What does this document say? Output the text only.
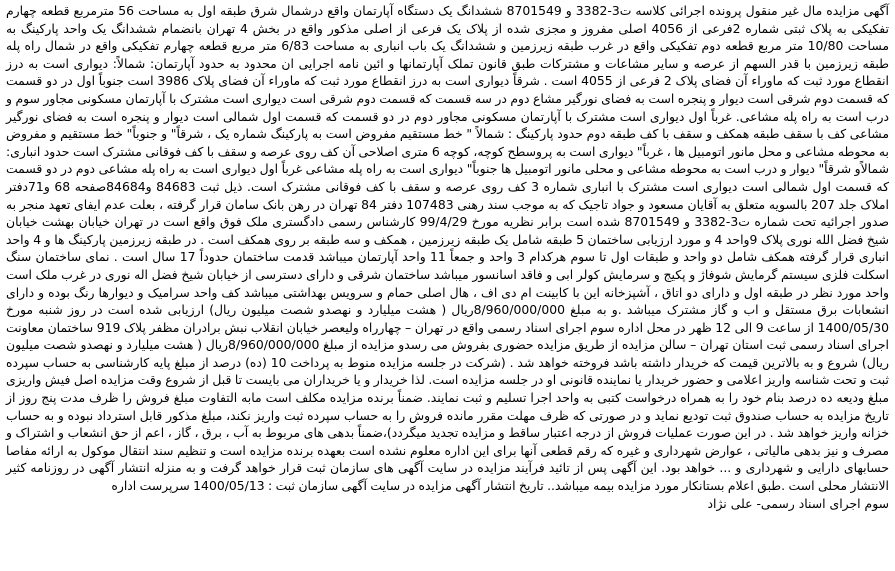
آگهی مزایده مال غیر منقول پرونده اجرائی کلاسه ت3-3382 و 8701549 ششدانگ یک دستگاه آپارتمان واقع درشمال شرق طبقه اول به مساحت 56 مترمربع قطعه چهارم تفکیکی به پلاک ثبتی شماره 2فرعی از 4056 اصلی مفروز و مجزی شده از پلاک یک فرعی از اصلی مذکور واقع در بخش 4 تهران بانضمام ششدانگ یک واحد پارکینگ به مساحت 10/80 متر مربع قطعه دوم تفکیکی واقع در غرب طبقه زیرزمین و ششدانگ یک باب انباری به مساحت 6/83 متر مربع قطعه چهارم تفکیکی واقع در شمال راه پله طبقه زیرزمین با قدر السهم از عرصه و سایر مشاعات و مشترکات طبق قانون تملک آپارتمانها و ائین نامه اجرایی ان محدود به حدود آپارتمان: شمالاً: دیواری است به درز انقطاع مورد ثبت که ماوراء آن فضای پلاک 2 فرعی از 4055 است . شرقاً دیواری است به درز انقطاع مورد ثبت که ماوراء آن فضای پلاک 3986 است جنوباً اول در دو قسمت که قسمت دوم شرقی است دیوار و پنجره است به فضای نورگیر مشاع دوم در سه قسمت که قسمت دوم شرقی است دیواری است مشترک با آپارتمان مسکونی مجاور سوم و درب است به راه پله مشاعی. غرباً اول دیواری است مشترک با آپارتمان مسکونی مجاور دوم در دو قسمت که قسمت اول شمالی است دیوار و پنجره است به فضای نورگیر مشاعی کف با سقف طبقه همکف و سقف با کف طبقه دوم حدود پارکینگ : شمالاً " خط مستقیم مفروض است به پارکینگ شماره یک ، شرقاً" و جنوباً" خط مستقیم و مفروض به محوطه مشاعی و محل مانور اتومبیل ها ، غرباً" دیواری است به پروسطح کوچه، کوچه 6 متری اصلاحی آن کف روی عرصه و سقف با کف فوقانی مشترک است حدود انباری: شمالاًو شرقاً" دیوار و درب است به محوطه مشاعی و محلی مانور اتومبیل ها جنوباً" دیواری است به راه پله مشاعی غرباً اول دیواری است به راه پله مشاعی دوم در دو قسمت که قسمت اول شمالی است دیواری است مشترک با انباری شماره 3 کف روی عرصه و سقف با کف فوقانی مشترک است. ذیل ثبت 84683 و84684صفحه 68 و71دفتر املاک جلد 207 بالسویه متعلق به آقایان مسعود و جواد تاجیک که به موجب سند رهنی 107483 دفتر 84 تهران در رهن بانک سامان قرار گرفته ، بعلت عدم ایفای تعهد منجر به صدور اجرائیه تحت شماره ت3-3382 و 8701549 شده است برابر نظریه مورخ 99/4/29 کارشناس رسمی دادگستری ملک فوق واقع است در تهران خیابان بهشت خیابان شیخ فضل الله نوری پلاک 9واحد 4 و مورد ارزیابی ساختمان 5 طبقه شامل یک طبقه زیرزمین ، همکف و سه طبقه بر روی همکف است . در طبقه زیرزمین پارکینگ ها و 4 واحد انباری قرار گرفته همکف شامل دو واحد و طبقات اول تا سوم هرکدام 3 واحد و جمعاً 11 واحد آپارتمان میباشد قدمت ساختمان حدوداً 17 سال است . نمای ساختمان سنگ اسکلت فلزی سیستم گرمایش شوفاژ و پکیج و سرمایش کولر ابی و فاقد اسانسور میباشد ساختمان شرقی و دارای دسترسی از خیابان شیخ فضل اله نوری در غرب ملک است واحد مورد نظر در طبقه اول و دارای دو اتاق ، آشپزخانه این با کابینت ام دی اف ، هال اصلی حمام و سرویس بهداشتی میباشد کف واحد سرامیک و دیوارها رنگ بوده و دارای انشعابات برق مستقل و اب و گاز مشترک میباشد .و به مبلغ 8/960/000/000ریال ( هشت میلیارد و نهصدو شصت میلیون ریال) ارزیابی شده است در روز شنبه مورخ 1400/05/30 از ساعت 9 الی 12 ظهر در محل اداره سوم اجرای اسناد رسمی واقع در تهران – چهارراه ولیعصر خیابان انقلاب نبش برادران مظفر پلاک 919 ساختمان معاونت اجرای اسناد رسمی ثبت استان تهران – سالن مزایده از طریق مزایده حضوری بفروش می رسدو مزایده از مبلغ 8/960/000/000ریال ( هشت میلیارد و نهصدو شصت میلیون ریال) شروع و به بالاترین قیمت که خریدار داشته باشد فروخته خواهد شد . (شرکت در جلسه مزایده منوط به پرداخت 10 (ده) درصد از مبلغ پایه کارشناسی به حساب سپرده ثبت و تحت شناسه واریز اعلامی و حضور خریدار یا نماینده قانونی او در جلسه مزایده است. لذا خریدار و یا خریداران می بایست تا قبل از شروع وقت مزایده اصل فیش واریزی مبلغ ودیعه ده درصد بنام خود را به همراه درخواست کتبی به واحد اجرا تسلیم و ثبت نمایند. ضمناً برنده مزایده مکلف است مابه التفاوت مبلغ فروش را ظرف مدت پنج روز از تاریخ مزایده به حساب صندوق ثبت تودیع نماید و در صورتی که ظرف مهلت مقرر مانده فروش را به حساب سپرده ثبت واریز نکند، مبلغ مذکور قابل استرداد نبوده و به حساب خزانه واریز خواهد شد . در این صورت عملیات فروش از درجه اعتبار ساقط و مزایده تجدید میگردد)،ضمناً بدهی های مربوط به آب ، برق ، گاز ، اعم از حق انشعاب و اشتراک و مصرف و نیز بدهی مالیاتی ، عوارض شهرداری و غیره که رقم قطعی آنها برای این اداره معلوم نشده است بعهده برنده مزایده است و تنظیم سند انتقال موکول به ارائه مفاصا حسابهای دارایی و شهرداری و ... خواهد بود. این آگهی پس از تائید فرآیند مزایده در سایت آگهی های سازمان ثبت قرار خواهد گرفت و به منزله انتشار آگهی در روزنامه کثیر الانتشار محلی است .طبق اعلام بستانکار مورد مزایده بیمه میباشد.. تاریخ انتشار آگهی مزایده در سایت آگهی سازمان ثبت : 1400/05/13 سرپرست اداره

سوم اجرای اسناد رسمی- علی نژاد
